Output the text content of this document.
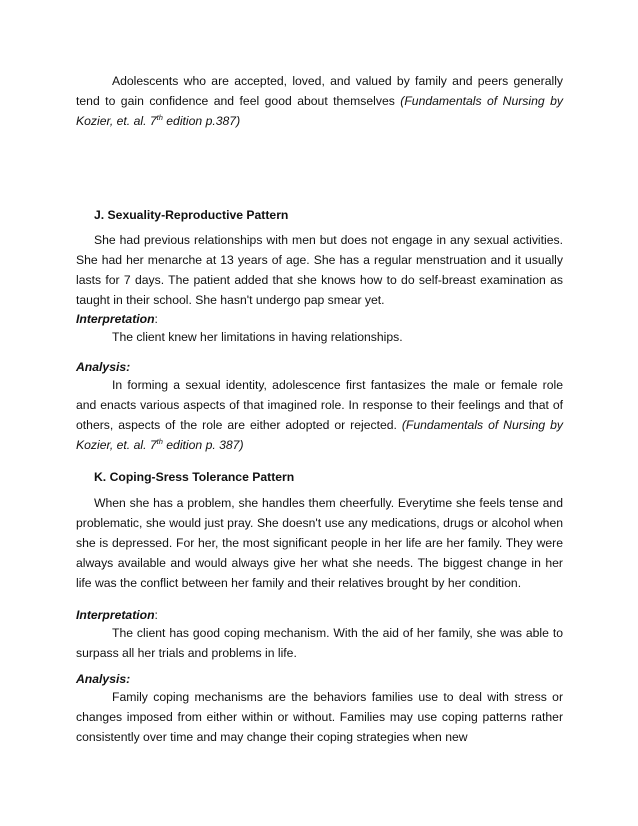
Adolescents who are accepted, loved, and valued by family and peers generally tend to gain confidence and feel good about themselves (Fundamentals of Nursing by Kozier, et. al. 7th edition p.387)
J. Sexuality-Reproductive Pattern
She had previous relationships with men but does not engage in any sexual activities. She had her menarche at 13 years of age. She has a regular menstruation and it usually lasts for 7 days. The patient added that she knows how to do self-breast examination as taught in their school. She hasn't undergo pap smear yet.
Interpretation:
The client knew her limitations in having relationships.
Analysis:
In forming a sexual identity, adolescence first fantasizes the male or female role and enacts various aspects of that imagined role. In response to their feelings and that of others, aspects of the role are either adopted or rejected. (Fundamentals of Nursing by Kozier, et. al. 7th edition p. 387)
K. Coping-Sress Tolerance Pattern
When she has a problem, she handles them cheerfully. Everytime she feels tense and problematic, she would just pray. She doesn't use any medications, drugs or alcohol when she is depressed. For her, the most significant people in her life are her family. They were always available and would always give her what she needs. The biggest change in her life was the conflict between her family and their relatives brought by her condition.
Interpretation:
The client has good coping mechanism. With the aid of her family, she was able to surpass all her trials and problems in life.
Analysis:
Family coping mechanisms are the behaviors families use to deal with stress or changes imposed from either within or without. Families may use coping patterns rather consistently over time and may change their coping strategies when new
